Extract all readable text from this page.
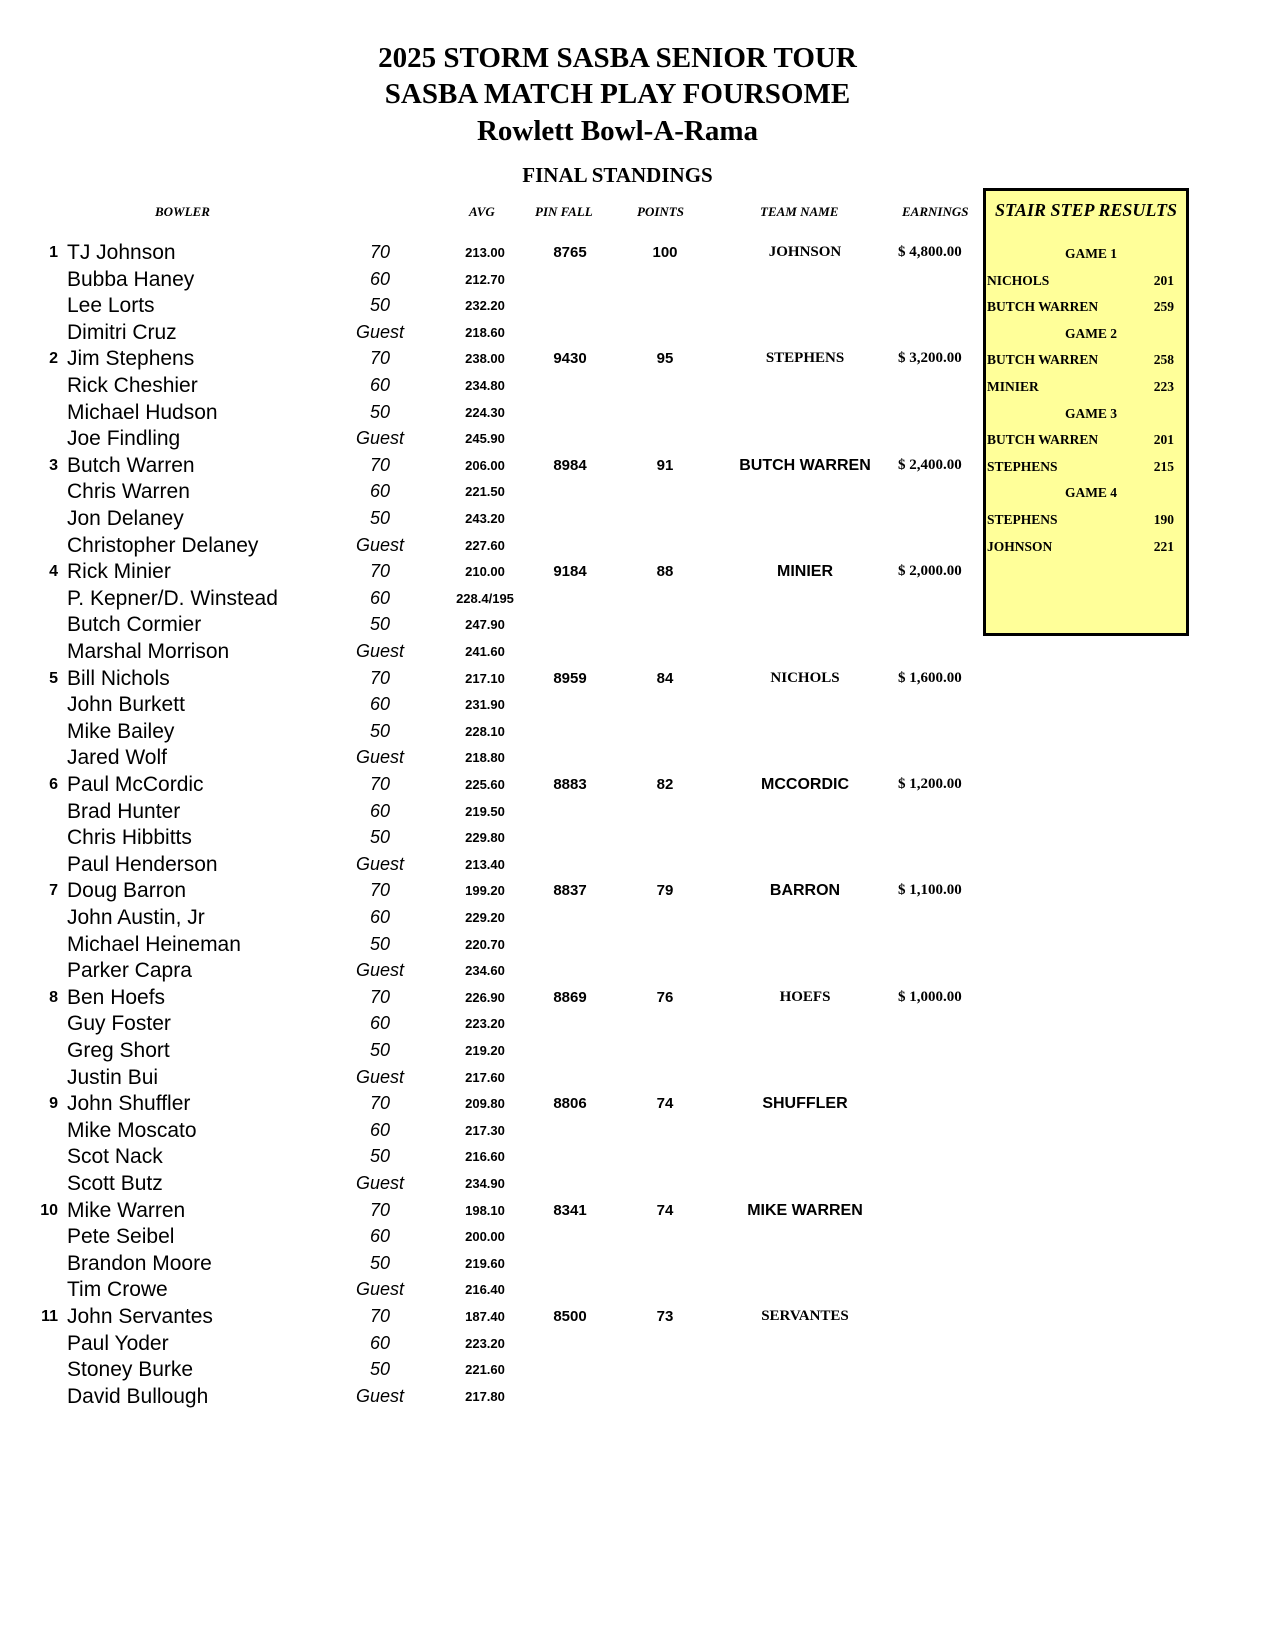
2025 STORM SASBA SENIOR TOUR
SASBA MATCH PLAY FOURSOME
Rowlett Bowl-A-Rama
FINAL STANDINGS
BOWLER	AVG	PIN FALL	POINTS	TEAM NAME	EARNINGS
1 TJ Johnson	70	213.00	8765	100	JOHNSON	$ 4,800.00
Bubba Haney	60	212.70
Lee Lorts	50	232.20
Dimitri Cruz	Guest	218.60
2 Jim Stephens	70	238.00	9430	95	STEPHENS	$ 3,200.00
Rick Cheshier	60	234.80
Michael Hudson	50	224.30
Joe Findling	Guest	245.90
3 Butch Warren	70	206.00	8984	91	BUTCH WARREN	$ 2,400.00
Chris Warren	60	221.50
Jon Delaney	50	243.20
Christopher Delaney	Guest	227.60
4 Rick Minier	70	210.00	9184	88	MINIER	$ 2,000.00
P. Kepner/D. Winstead	60	228.4/195
Butch Cormier	50	247.90
Marshal Morrison	Guest	241.60
5 Bill Nichols	70	217.10	8959	84	NICHOLS	$ 1,600.00
John Burkett	60	231.90
Mike Bailey	50	228.10
Jared Wolf	Guest	218.80
6 Paul McCordic	70	225.60	8883	82	MCCORDIC	$ 1,200.00
Brad Hunter	60	219.50
Chris Hibbitts	50	229.80
Paul Henderson	Guest	213.40
7 Doug Barron	70	199.20	8837	79	BARRON	$ 1,100.00
John Austin, Jr	60	229.20
Michael Heineman	50	220.70
Parker Capra	Guest	234.60
8 Ben Hoefs	70	226.90	8869	76	HOEFS	$ 1,000.00
Guy Foster	60	223.20
Greg Short	50	219.20
Justin Bui	Guest	217.60
9 John Shuffler	70	209.80	8806	74	SHUFFLER
Mike Moscato	60	217.30
Scot Nack	50	216.60
Scott Butz	Guest	234.90
10 Mike Warren	70	198.10	8341	74	MIKE WARREN
Pete Seibel	60	200.00
Brandon Moore	50	219.60
Tim Crowe	Guest	216.40
11 John Servantes	70	187.40	8500	73	SERVANTES
Paul Yoder	60	223.20
Stoney Burke	50	221.60
David Bullough	Guest	217.80
STAIR STEP RESULTS
GAME 1
NICHOLS	201
BUTCH WARREN	259
GAME 2
BUTCH WARREN	258
MINIER	223
GAME 3
BUTCH WARREN	201
STEPHENS	215
GAME 4
STEPHENS	190
JOHNSON	221
